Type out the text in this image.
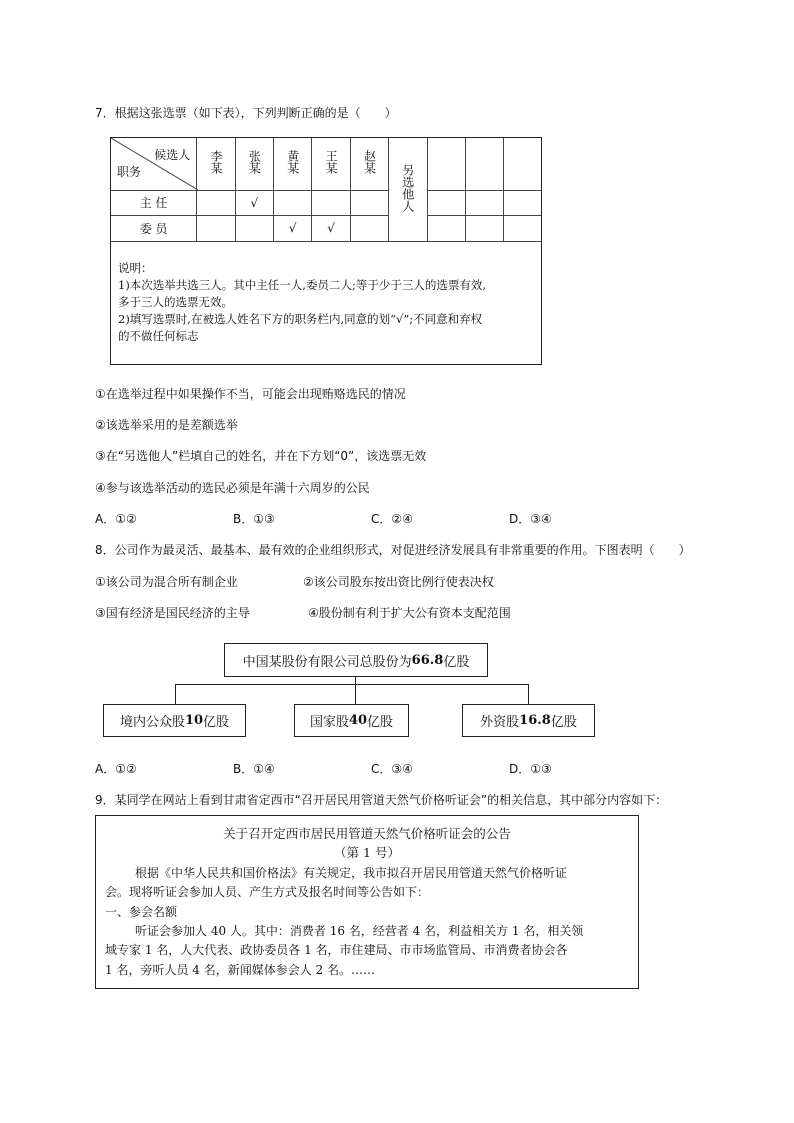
7．根据这张选票（如下表），下列判断正确的是（　　）
候选人
职务	李某	张某	黄某	王某	赵某	另选他人			
主 任		√							
委 员			√	√					
说明：
1)本次选举共选三人。其中主任一人,委员二人;等于少于三人的选票有效,
多于三人的选票无效。
2)填写选票时,在被选人姓名下方的职务栏内,同意的划“√”;不同意和弃权
的不做任何标志
①在选举过程中如果操作不当，可能会出现贿赂选民的情况
②该选举采用的是差额选举
③在“另选他人”栏填自己的姓名，并在下方划“0”，该选票无效
④参与该选举活动的选民必须是年满十六周岁的公民
A．①②	B．①③	C．②④	D．③④
8．公司作为最灵活、最基本、最有效的企业组织形式，对促进经济发展具有非常重要的作用。下图表明（　　）
①该公司为混合所有制企业	②该公司股东按出资比例行使表决权
③国有经济是国民经济的主导	④股份制有利于扩大公有资本支配范围
中国某股份有限公司总股份为 66.8 亿股
境内公众股 10 亿股	国家股 40 亿股	外资股 16.8 亿股
A．①②	B．①④	C．③④	D．①③
9．某同学在网站上看到甘肃省定西市“召开居民用管道天然气价格听证会”的相关信息，其中部分内容如下：
关于召开定西市居民用管道天然气价格听证会的公告
（第 1 号）
根据《中华人民共和国价格法》有关规定，我市拟召开居民用管道天然气价格听证
会。现将听证会参加人员、产生方式及报名时间等公告如下：
一、参会名额
听证会参加人 40 人。其中：消费者 16 名，经营者 4 名，利益相关方 1 名，相关领
域专家 1 名，人大代表、政协委员各 1 名，市住建局、市市场监管局、市消费者协会各
1 名，旁听人员 4 名，新闻媒体参会人 2 名。……
